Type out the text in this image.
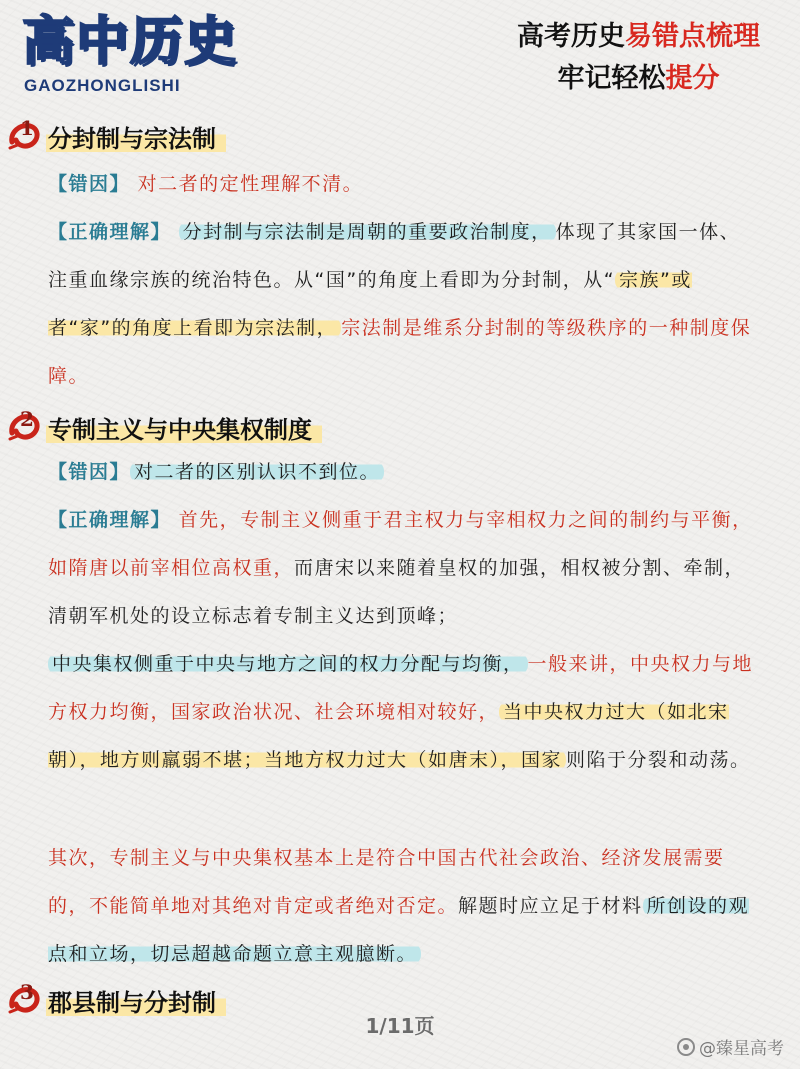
高中历史
GAOZHONGLISHI
高考历史易错点梳理
牢记轻松提分
1 分封制与宗法制

【错因】 对二者的定性理解不清。

【正确理解】 分封制与宗法制是周朝的重要政治制度， 体现了其家国一体、注重血缘宗族的统治特色。从“国”的角度上看即为分封制，从“ 宗族”或者“家”的角度上看即为宗法制， 宗法制是维系分封制的等级秩序的一种制度保障。

2 专制主义与中央集权制度

【错因】 对二者的区别认识不到位。

【正确理解】 首先，专制主义侧重于君主权力与宰相权力之间的制约与平衡，如隋唐以前宰相位高权重，而唐宋以来随着皇权的加强，相权被分割、牵制，清朝军机处的设立标志着专制主义达到顶峰；

中央集权侧重于中央与地方之间的权力分配与均衡， 一般来讲，中央权力与地方权力均衡，国家政治状况、社会环境相对较好， 当中央权力过大（如北宋朝），地方则羸弱不堪；当地方权力过大（如唐末），国家 则陷于分裂和动荡。

其次，专制主义与中央集权基本上是符合中国古代社会政治、经济发展需要的，不能简单地对其绝对肯定或者绝对否定。解题时应立足于材料 所创设的观点和立场，切忌超越命题立意主观臆断。

3 郡县制与分封制
1/11页
@臻星高考
